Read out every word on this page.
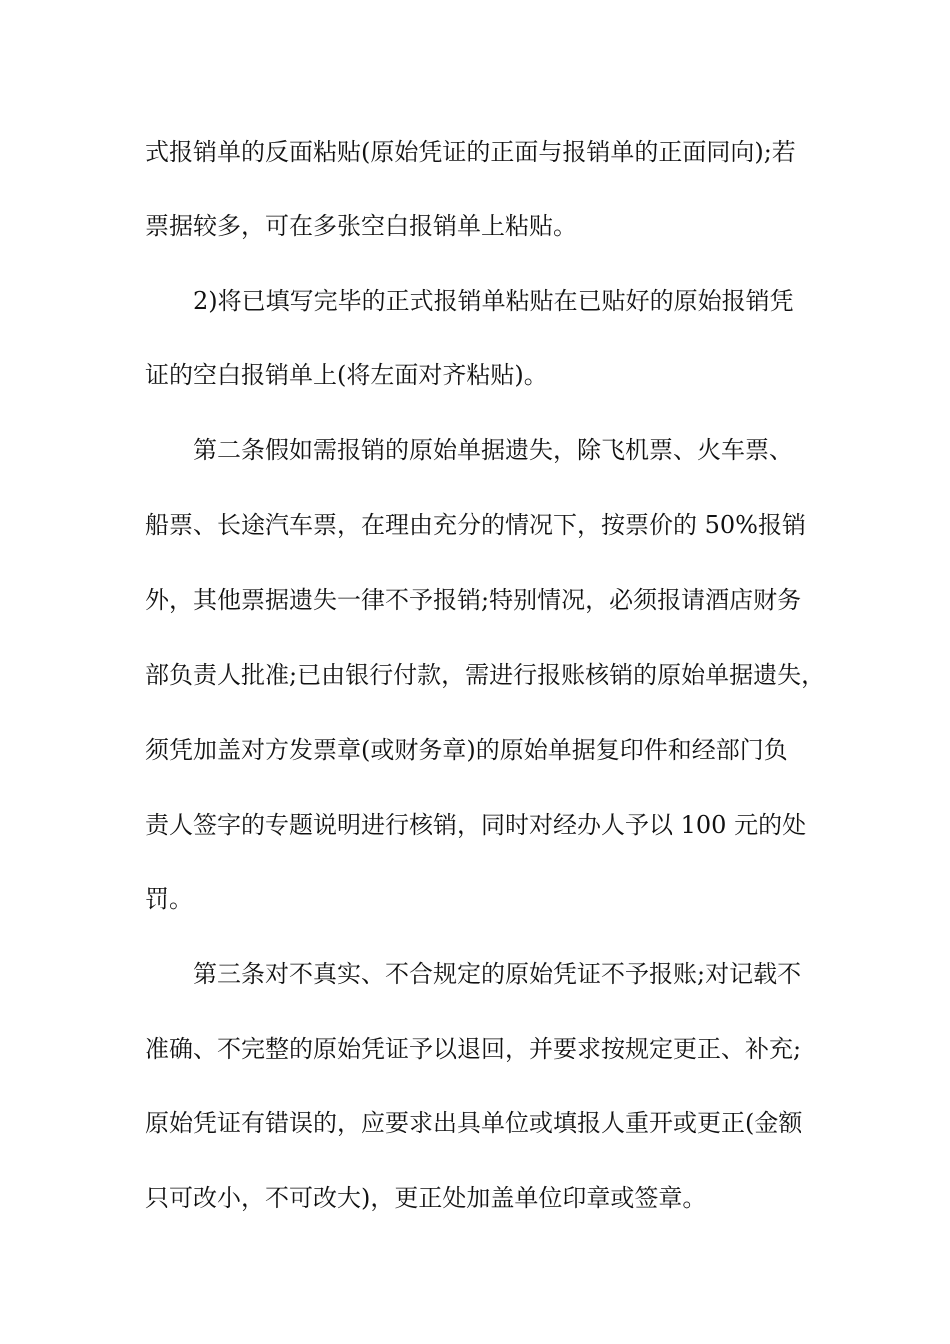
式报销单的反面粘贴(原始凭证的正面与报销单的正面同向);若
票据较多，可在多张空白报销单上粘贴。
2)将已填写完毕的正式报销单粘贴在已贴好的原始报销凭
证的空白报销单上(将左面对齐粘贴)。
第二条假如需报销的原始单据遗失，除飞机票、火车票、
船票、长途汽车票，在理由充分的情况下，按票价的 50%报销
外，其他票据遗失一律不予报销;特别情况，必须报请酒店财务
部负责人批准;已由银行付款，需进行报账核销的原始单据遗失，
须凭加盖对方发票章(或财务章)的原始单据复印件和经部门负
责人签字的专题说明进行核销，同时对经办人予以 100 元的处
罚。
第三条对不真实、不合规定的原始凭证不予报账;对记载不
准确、不完整的原始凭证予以退回，并要求按规定更正、补充;
原始凭证有错误的，应要求出具单位或填报人重开或更正(金额
只可改小，不可改大)，更正处加盖单位印章或签章。
